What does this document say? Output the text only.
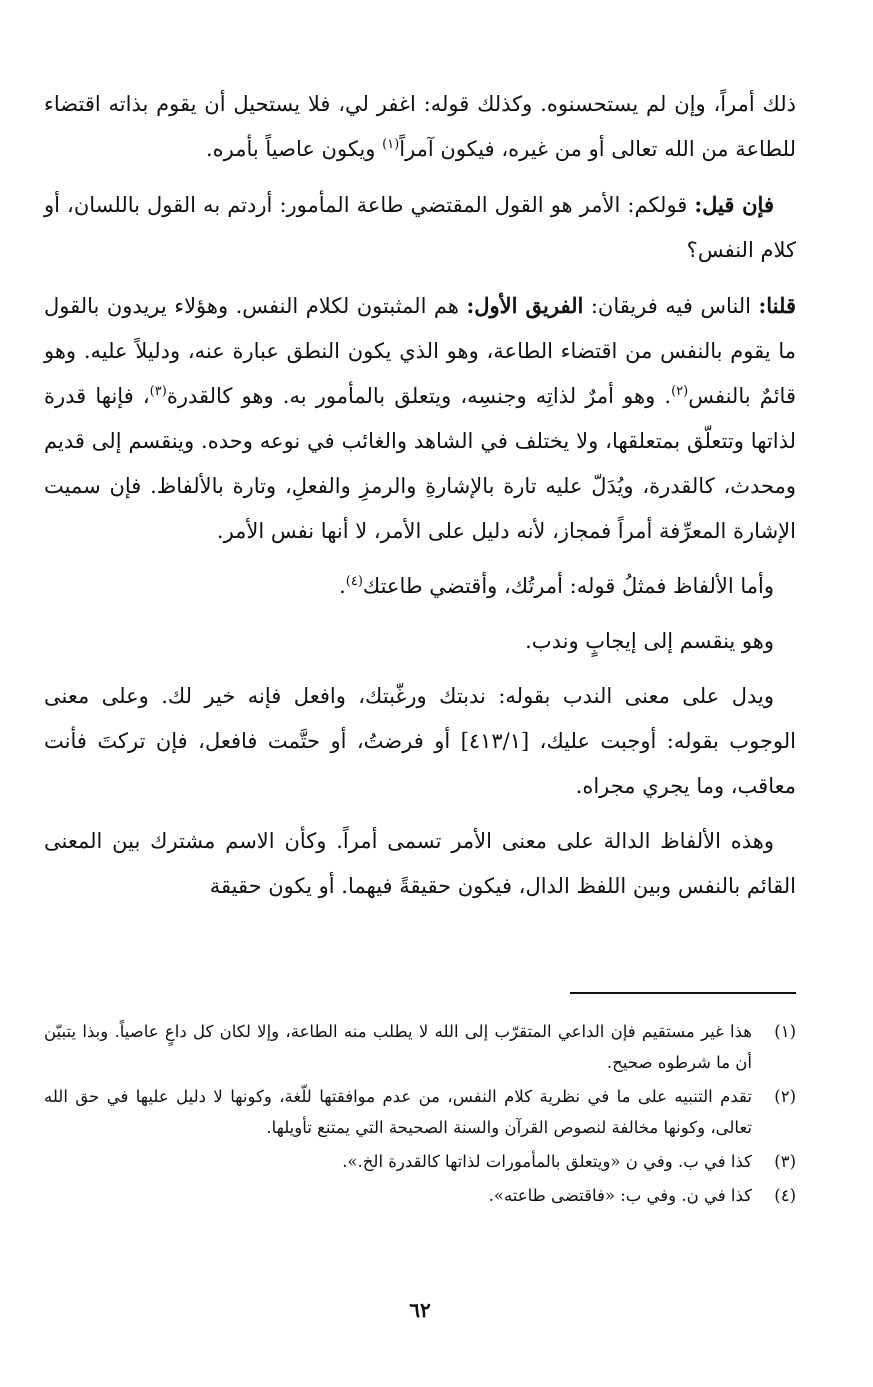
ذلك أمراً، وإن لم يستحسنوه. وكذلك قوله: اغفر لي، فلا يستحيل أن يقوم بذاته اقتضاء للطاعة من الله تعالى أو من غيره، فيكون آمراً$^{(١)}$ ويكون عاصياً بأمره.

فإن قيل: قولكم: الأمر هو القول المقتضي طاعة المأمور: أردتم به القول باللسان، أو كلام النفس؟

قلنا: الناس فيه فريقان: الفريق الأول: هم المثبتون لكلام النفس. وهؤلاء يريدون بالقول ما يقوم بالنفس من اقتضاء الطاعة، وهو الذي يكون النطق عبارة عنه، ودليلاً عليه. وهو قائمٌ بالنفس$^{(٢)}$. وهو أمرٌ لذاتِه وجنسِه، ويتعلق بالمأمور به. وهو كالقدرة$^{(٣)}$، فإنها قدرة لذاتها وتتعلّق بمتعلقها، ولا يختلف في الشاهد والغائب في نوعه وحده. وينقسم إلى قديم ومحدث، كالقدرة، ويُدَلّ عليه تارة بالإشارةِ والرمزِ والفعلِ، وتارة بالألفاظ. فإن سميت الإشارة المعرِّفة أمراً فمجاز، لأنه دليل على الأمر، لا أنها نفس الأمر.

وأما الألفاظ فمثلُ قوله: أمرتُك، وأقتضي طاعتك$^{(٤)}$.

وهو ينقسم إلى إيجابٍ وندب.

ويدل على معنى الندب بقوله: ندبتك ورغّبتك، وافعل فإنه خير لك. وعلى معنى الوجوب بقوله: أوجبت عليك، [٤١٣/١] أو فرضتُ، أو حتَّمت فافعل، فإن تركتَ فأنت معاقب، وما يجري مجراه.

وهذه الألفاظ الدالة على معنى الأمر تسمى أمراً. وكأن الاسم مشترك بين المعنى القائم بالنفس وبين اللفظ الدال، فيكون حقيقةً فيهما. أو يكون حقيقة

(١)
هذا غير مستقيم فإن الداعي المتقرّب إلى الله لا يطلب منه الطاعة، وإلا لكان كل داعٍ عاصياً. وبذا يتبيّن أن ما شرطوه صحيح.
(٢)
تقدم التنبيه على ما في نظرية كلام النفس، من عدم موافقتها للّغة، وكونها لا دليل عليها في حق الله تعالى، وكونها مخالفة لنصوص القرآن والسنة الصحيحة التي يمتنع تأويلها.
(٣)
كذا في ب. وفي ن «ويتعلق بالمأمورات لذاتها كالقدرة الخ.».
(٤)
كذا في ن. وفي ب: «فاقتضى طاعته».
٦٢
